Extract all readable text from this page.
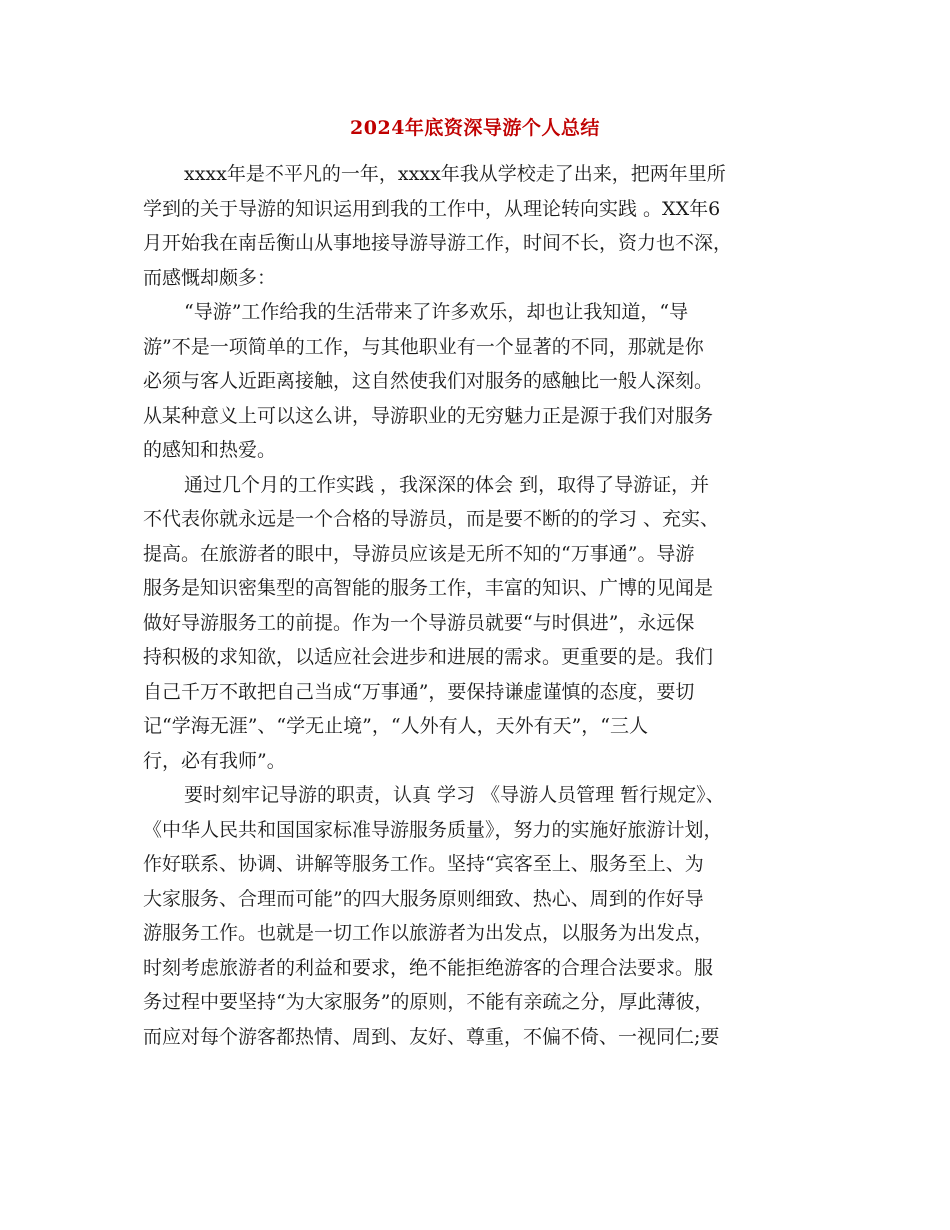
2024年底资深导游个人总结
xxxx年是不平凡的一年，xxxx年我从学校走了出来，把两年里所
学到的关于导游的知识运用到我的工作中，从理论转向实践 。XX年6
月开始我在南岳衡山从事地接导游导游工作，时间不长，资力也不深，
而感慨却颇多：
“导游”工作给我的生活带来了许多欢乐，却也让我知道，“导
游”不是一项简单的工作，与其他职业有一个显著的不同，那就是你
必须与客人近距离接触，这自然使我们对服务的感触比一般人深刻。
从某种意义上可以这么讲，导游职业的无穷魅力正是源于我们对服务
的感知和热爱。
通过几个月的工作实践 ，我深深的体会 到，取得了导游证，并
不代表你就永远是一个合格的导游员，而是要不断的的学习 、充实、
提高。在旅游者的眼中，导游员应该是无所不知的“万事通”。导游
服务是知识密集型的高智能的服务工作，丰富的知识、广博的见闻是
做好导游服务工的前提。作为一个导游员就要“与时俱进”，永远保
持积极的求知欲，以适应社会进步和进展的需求。更重要的是。我们
自己千万不敢把自己当成“万事通”，要保持谦虚谨慎的态度，要切
记“学海无涯”、“学无止境”，“人外有人，天外有天”，“三人
行，必有我师”。
要时刻牢记导游的职责，认真 学习 《导游人员管理 暂行规定》、
《中华人民共和国国家标准导游服务质量》，努力的实施好旅游计划，
作好联系、协调、讲解等服务工作。坚持“宾客至上、服务至上、为
大家服务、合理而可能”的四大服务原则细致、热心、周到的作好导
游服务工作。也就是一切工作以旅游者为出发点，以服务为出发点，
时刻考虑旅游者的利益和要求，绝不能拒绝游客的合理合法要求。服
务过程中要坚持“为大家服务”的原则，不能有亲疏之分，厚此薄彼，
而应对每个游客都热情、周到、友好、尊重，不偏不倚、一视同仁;要
